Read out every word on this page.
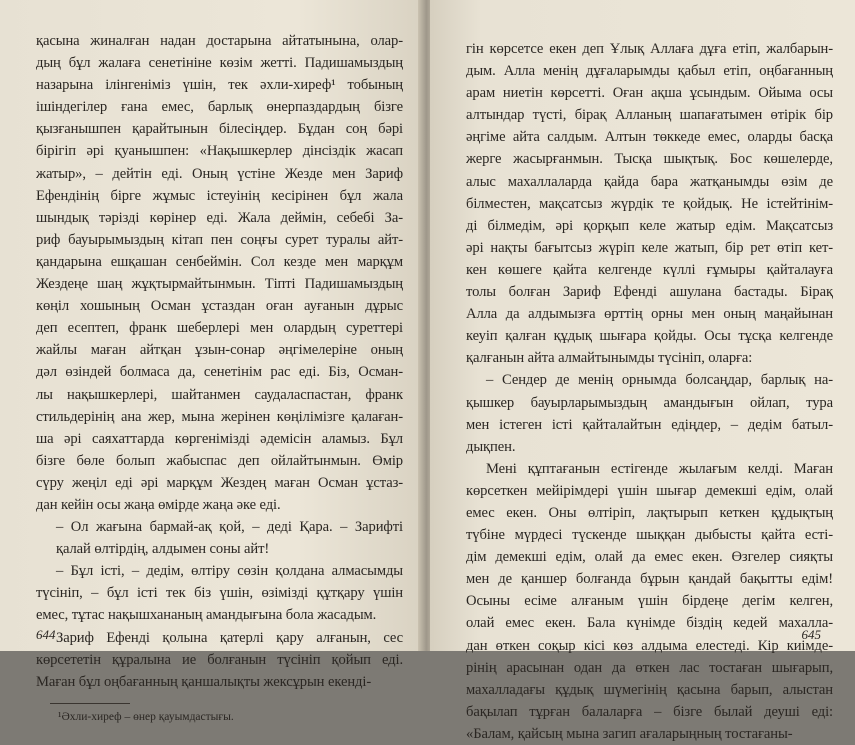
қасына жиналған надан достарына айтатынына, олар-
дың бұл жалаға сенетініне көзім жетті. Падишамыздың
назарына ілінгеніміз үшін, тек әхли-хиреф¹ тобының
ішіндегілер ғана емес, барлық өнерпаздардың бізге
қызғанышпен қарайтынын білесіңдер. Бұдан соң бәрі
бірігіп әрі қуанышпен: «Нақышкерлер дінсіздік жасап
жатыр», – дейтін еді. Оның үстіне Жезде мен Зариф
Ефендінің бірге жұмыс істеуінің кесірінен бұл жала
шындық тәрізді көрінер еді. Жала деймін, себебі За-
риф бауырымыздың кітап пен соңғы сурет туралы айт-
қандарына ешқашан сенбеймін. Сол кезде мен марқұм
Жездеңе шаң жұқтырмайтынмын. Тіпті Падишамыздың
көңіл хошының Осман ұстаздан оған ауғанын дұрыс
деп есептеп, франк шеберлері мен олардың суреттері
жайлы маған айтқан ұзын-сонар әңгімелеріне оның
дәл өзіндей болмаса да, сенетінім рас еді. Біз, Осман-
лы нақышкерлері, шайтанмен саудаласпастан, франк
стильдерінің ана жер, мына жерінен көңілімізге қалаған-
ша әрі саяхаттарда көргенімізді әдемісін аламыз. Бұл
бізге бөле болып жабыспас деп ойлайтынмын. Өмір
сүру жеңіл еді әрі марқұм Жездең маған Осман ұстаз-
дан кейін осы жаңа өмірде жаңа әке еді.
– Ол жағына бармай-ақ қой, – деді Қара. – Зарифті
қалай өлтірдің, алдымен соны айт!
– Бұл істі, – дедім, өлтіру сөзін қолдана алмасымды
түсініп, – бұл істі тек біз үшін, өзімізді құтқару үшін
емес, тұтас нақышхананың амандығына бола жасадым.
Зариф Ефенді қолына қатерлі қару алғанын, сес
көрсететін құралына ие болғанын түсініп қойып еді.
Маған бұл оңбағанның қаншалықты жексұрын екенді-
¹Әхли-хиреф – өнер қауымдастығы.
644
гін көрсетсе екен деп Ұлық Аллаға дұға етіп, жалбарын-
дым. Алла менің дұғаларымды қабыл етіп, оңбағанның
арам ниетін көрсетті. Оған ақша ұсындым. Ойыма осы
алтындар түсті, бірақ Алланың шапағатымен өтірік бір
әңгіме айта салдым. Алтын төккеде емес, оларды басқа
жерге жасырғанмын. Тысқа шықтық. Бос көшелерде,
алыс махаллаларда қайда бара жатқанымды өзім де
білместен, мақсатсыз жүрдік те қойдық. Не істейтінім-
ді білмедім, әрі қорқып келе жатыр едім. Мақсатсыз
әрі нақты бағытсыз жүріп келе жатып, бір рет өтіп кет-
кен көшеге қайта келгенде күллі ғұмыры қайталауға
толы болған Зариф Ефенді ашулана бастады. Бірақ
Алла да алдымызға өрттің орны мен оның маңайынан
кеуіп қалған құдық шығара қойды. Осы тұсқа келгенде
қалғанын айта алмайтынымды түсініп, оларға:
– Сендер де менің орнымда болсаңдар, барлық на-
қышкер бауырларымыздың амандығын ойлап, тура
мен істеген істі қайталайтын едіңдер, – дедім батыл-
дықпен.
Мені құптағанын естігенде жылағым келді. Маған
көрсеткен мейірімдері үшін шығар демекші едім, олай
емес екен. Оны өлтіріп, лақтырып кеткен құдықтың
түбіне мүрдесі түскенде шыққан дыбысты қайта есті-
дім демекші едім, олай да емес екен. Өзгелер сияқты
мен де қаншер болғанда бұрын қандай бақытты едім!
Осыны есіме алғаным үшін бірдеңе дегім келген,
олай емес екен. Бала күнімде біздің кедей махалла-
дан өткен соқыр кісі көз алдыма елестеді. Кір киімде-
рінің арасынан одан да өткен лас тостаған шығарып,
махалладағы құдық шүмегінің қасына барып, алыстан
бақылап тұрған балаларға – бізге былай деуші еді:
«Балам, қайсың мына загип ағаларыңның тостағаны-
645
